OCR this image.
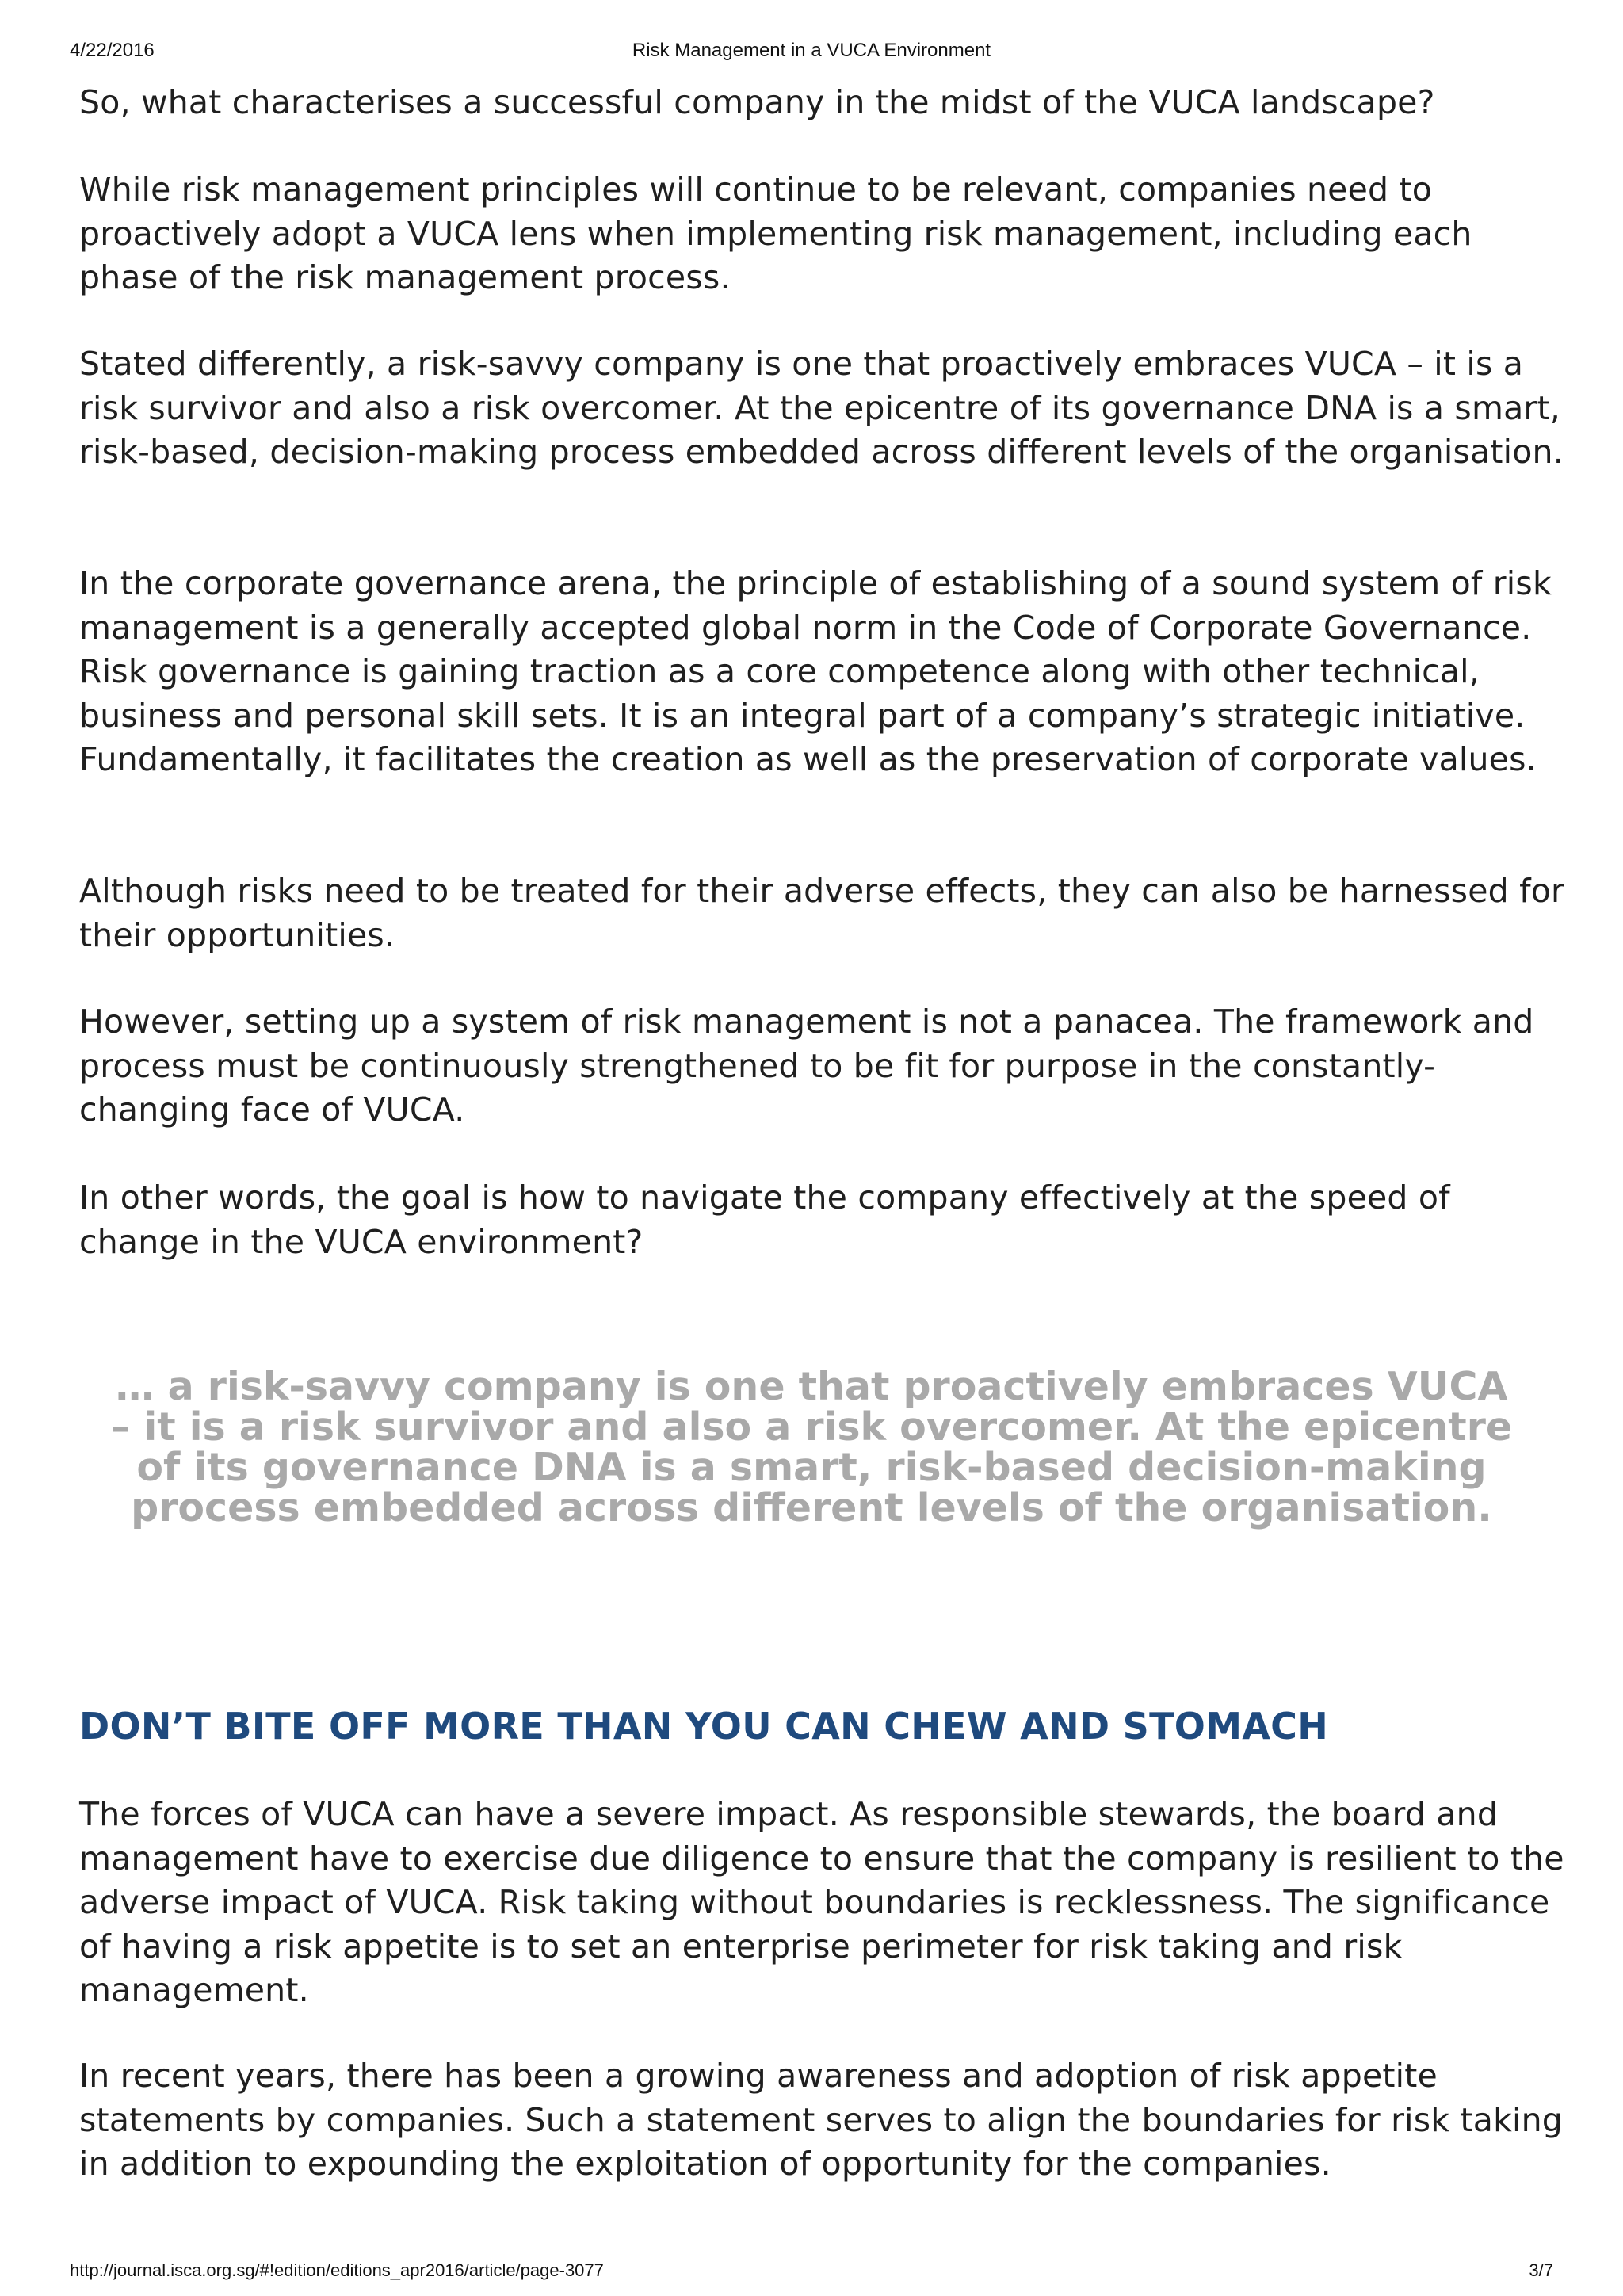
4/22/2016	Risk Management in a VUCA Environment

So, what characterises a successful company in the midst of the VUCA landscape?

While risk management principles will continue to be relevant, companies need to proactively adopt a VUCA lens when implementing risk management, including each phase of the risk management process.

Stated differently, a risk-savvy company is one that proactively embraces VUCA – it is a risk survivor and also a risk overcomer. At the epicentre of its governance DNA is a smart, risk-based, decision-making process embedded across different levels of the organisation.

In the corporate governance arena, the principle of establishing of a sound system of risk management is a generally accepted global norm in the Code of Corporate Governance. Risk governance is gaining traction as a core competence along with other technical, business and personal skill sets. It is an integral part of a company’s strategic initiative. Fundamentally, it facilitates the creation as well as the preservation of corporate values.

Although risks need to be treated for their adverse effects, they can also be harnessed for their opportunities.

However, setting up a system of risk management is not a panacea. The framework and process must be continuously strengthened to be fit for purpose in the constantly-changing face of VUCA.

In other words, the goal is how to navigate the company effectively at the speed of change in the VUCA environment?

… a risk-savvy company is one that proactively embraces VUCA – it is a risk survivor and also a risk overcomer. At the epicentre of its governance DNA is a smart, risk-based decision-making process embedded across different levels of the organisation.

DON’T BITE OFF MORE THAN YOU CAN CHEW AND STOMACH

The forces of VUCA can have a severe impact. As responsible stewards, the board and management have to exercise due diligence to ensure that the company is resilient to the adverse impact of VUCA. Risk taking without boundaries is recklessness. The significance of having a risk appetite is to set an enterprise perimeter for risk taking and risk management.

In recent years, there has been a growing awareness and adoption of risk appetite statements by companies. Such a statement serves to align the boundaries for risk taking in addition to expounding the exploitation of opportunity for the companies.

http://journal.isca.org.sg/#!edition/editions_apr2016/article/page-3077	3/7
